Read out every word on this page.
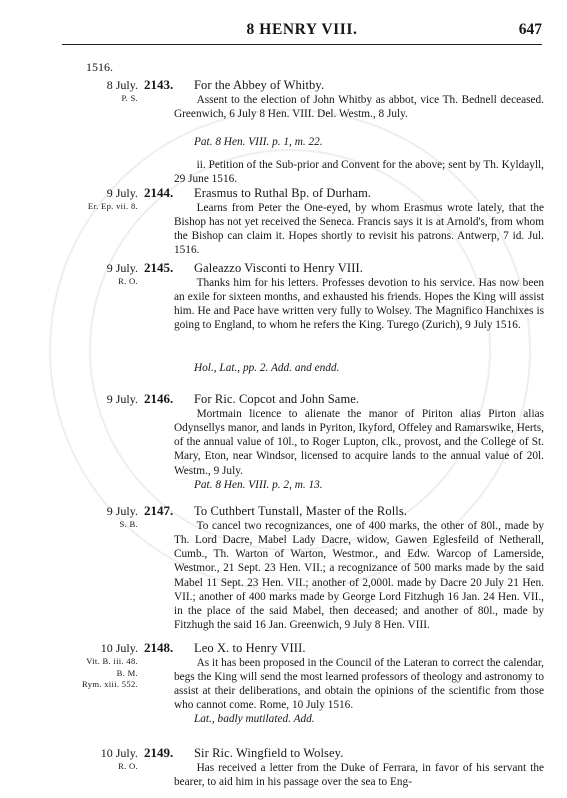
8 HENRY VIII.	647
1516.
8 July.
P. S.
2143. For the Abbey of Whitby.
Assent to the election of John Whitby as abbot, vice Th. Bednell deceased. Greenwich, 6 July 8 Hen. VIII. Del. Westm., 8 July.
Pat. 8 Hen. VIII. p. 1, m. 22.
ii. Petition of the Sub-prior and Convent for the above; sent by Th. Kyldayll, 29 June 1516.
9 July.
Er. Ep. vii. 8.
2144. Erasmus to Ruthal Bp. of Durham.
Learns from Peter the One-eyed, by whom Erasmus wrote lately, that the Bishop has not yet received the Seneca. Francis says it is at Arnold's, from whom the Bishop can claim it. Hopes shortly to revisit his patrons. Antwerp, 7 id. Jul. 1516.
9 July.
R. O.
2145. Galeazzo Visconti to Henry VIII.
Thanks him for his letters. Professes devotion to his service. Has now been an exile for sixteen months, and exhausted his friends. Hopes the King will assist him. He and Pace have written very fully to Wolsey. The Magnifico Hanchixes is going to England, to whom he refers the King. Turego (Zurich), 9 July 1516.
Hol., Lat., pp. 2. Add. and endd.
9 July. 2146. For Ric. Copcot and John Same.
Mortmain licence to alienate the manor of Piriton alias Pirton alias Odynsellys manor, and lands in Pyriton, Ikyford, Offeley and Ramarswike, Herts, of the annual value of 10l., to Roger Lupton, clk., provost, and the College of St. Mary, Eton, near Windsor, licensed to acquire lands to the annual value of 20l. Westm., 9 July.
Pat. 8 Hen. VIII. p. 2, m. 13.
9 July.
S. B.
2147. To Cuthbert Tunstall, Master of the Rolls.
To cancel two recognizances, one of 400 marks, the other of 80l., made by Th. Lord Dacre, Mabel Lady Dacre, widow, Gawen Eglesfeild of Netherall, Cumb., Th. Warton of Warton, Westmor., and Edw. Warcop of Lamerside, Westmor., 21 Sept. 23 Hen. VII.; a recognizance of 500 marks made by the said Mabel 11 Sept. 23 Hen. VII.; another of 2,000l. made by Dacre 20 July 21 Hen. VII.; another of 400 marks made by George Lord Fitzhugh 16 Jan. 24 Hen. VII., in the place of the said Mabel, then deceased; and another of 80l., made by Fitzhugh the said 16 Jan. Greenwich, 9 July 8 Hen. VIII.
10 July.
Vit. B. iii. 48.
B. M.
Rym. xiii. 552.
2148. Leo X. to Henry VIII.
As it has been proposed in the Council of the Lateran to correct the calendar, begs the King will send the most learned professors of theology and astronomy to assist at their deliberations, and obtain the opinions of the scientific from those who cannot come. Rome, 10 July 1516.
Lat., badly mutilated. Add.
10 July.
R. O.
2149. Sir Ric. Wingfield to Wolsey.
Has received a letter from the Duke of Ferrara, in favor of his servant the bearer, to aid him in his passage over the sea to Eng-
